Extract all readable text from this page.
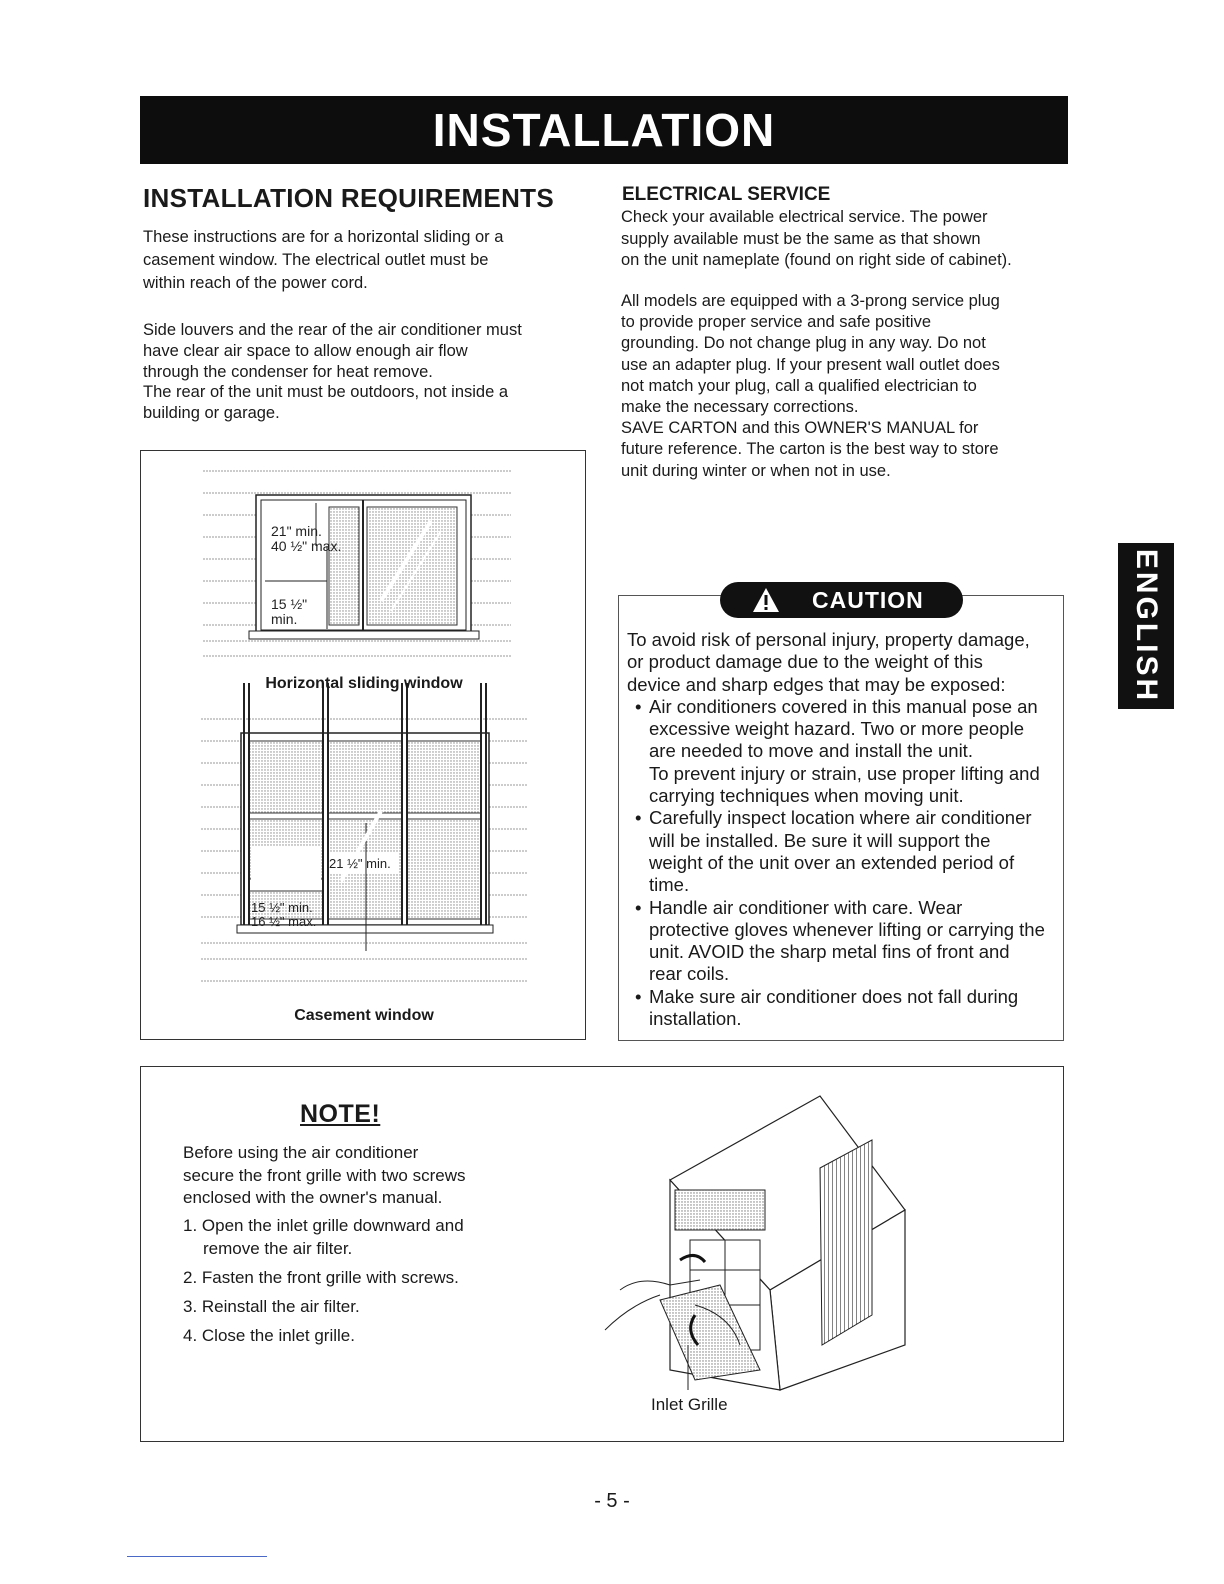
INSTALLATION
ENGLISH
INSTALLATION REQUIREMENTS
These instructions are for a horizontal sliding or a
casement window. The electrical outlet must be
within reach of the power cord.
Side louvers and the rear of the air conditioner must
have clear air space to allow enough air flow
through the condenser for heat remove.
The rear of the unit must be outdoors, not inside a
building or garage.
21" min.
40 ½" max.
15 ½"
min.
Horizontal sliding window
21 ½" min.
15 ½" min.
16 ½" max.
Casement window
ELECTRICAL SERVICE
Check your available electrical service. The power
supply available must be the same as that shown
on the unit nameplate (found on right side of cabinet).
All models are equipped with a 3-prong service plug
to provide proper service and safe positive
grounding. Do not change plug in any way. Do not
use an adapter plug. If your present wall outlet does
not match your plug, call a qualified electrician to
make the necessary corrections.
SAVE CARTON and this OWNER'S MANUAL for
future reference. The carton is the best way to store
unit during winter or when not in use.
CAUTION

To avoid risk of personal injury, property damage,

or product damage due to the weight of this

device and sharp edges that may be exposed:

• Air conditioners covered in this manual pose an

excessive weight hazard. Two or more people

are needed to move and install the unit.

To prevent injury or strain, use proper lifting and

carrying techniques when moving unit.

• Carefully inspect location where air conditioner

will be installed. Be sure it will support the

weight of the unit over an extended period of

time.

• Handle air conditioner with care. Wear

protective gloves whenever lifting or carrying the

unit. AVOID the sharp metal fins of front and

rear coils.

• Make sure air conditioner does not fall during

installation.

NOTE!
Before using the air conditioner
secure the front grille with two screws
enclosed with the owner's manual.
1. Open the inlet grille downward and
remove the air filter.
2. Fasten the front grille with screws.
3. Reinstall the air filter.
4. Close the inlet grille.
Inlet Grille
- 5 -
